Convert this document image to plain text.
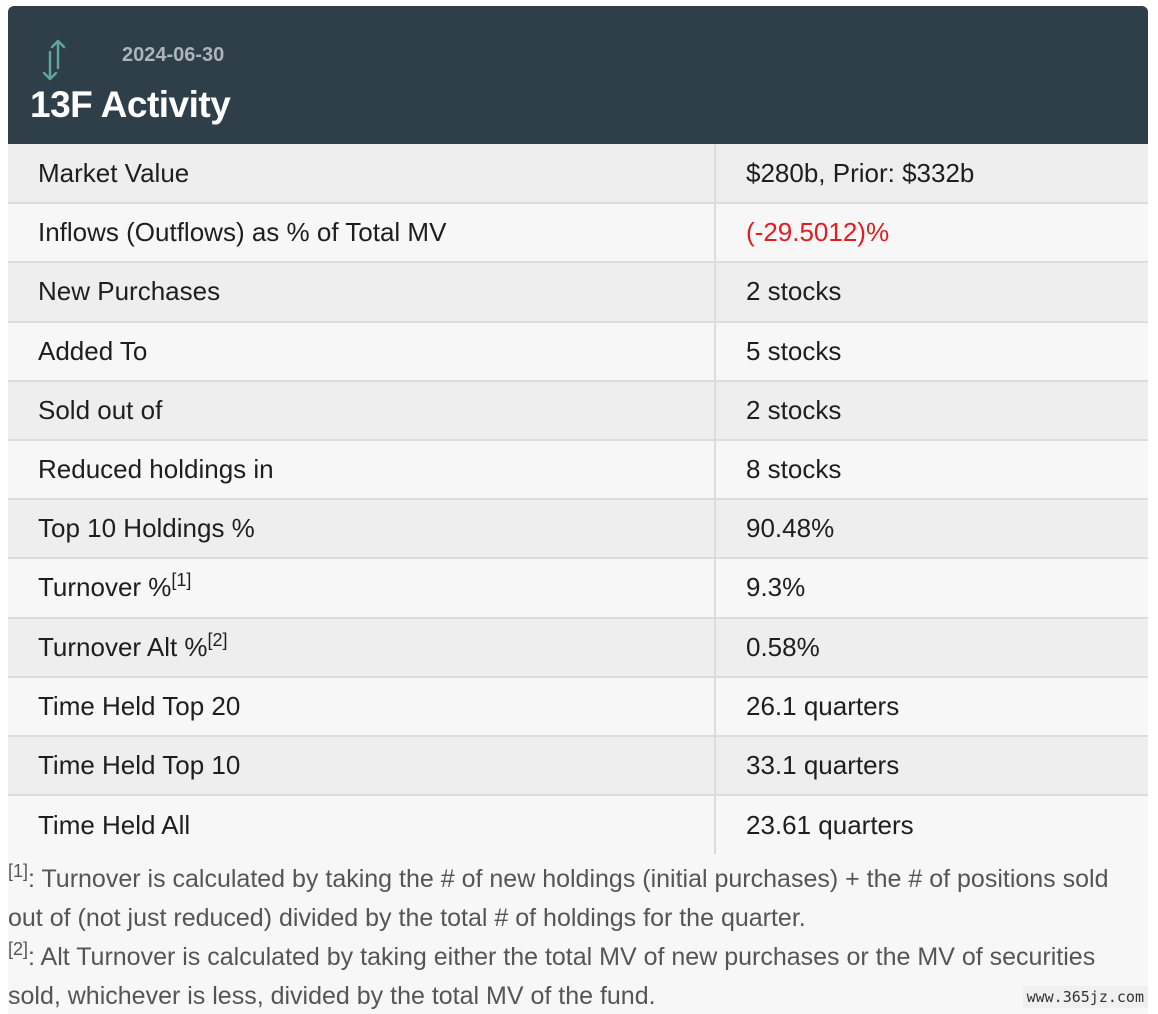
2024-06-30
13F Activity
Market Value	$280b, Prior: $332b
Inflows (Outflows) as % of Total MV	(-29.5012)%
New Purchases	2 stocks
Added To	5 stocks
Sold out of	2 stocks
Reduced holdings in	8 stocks
Top 10 Holdings %	90.48%
Turnover %[1]	9.3%
Turnover Alt %[2]	0.58%
Time Held Top 20	26.1 quarters
Time Held Top 10	33.1 quarters
Time Held All	23.61 quarters
[1]: Turnover is calculated by taking the # of new holdings (initial purchases) + the # of positions sold out of (not just reduced) divided by the total # of holdings for the quarter.
[2]: Alt Turnover is calculated by taking either the total MV of new purchases or the MV of securities sold, whichever is less, divided by the total MV of the fund.	www.365jz.com
